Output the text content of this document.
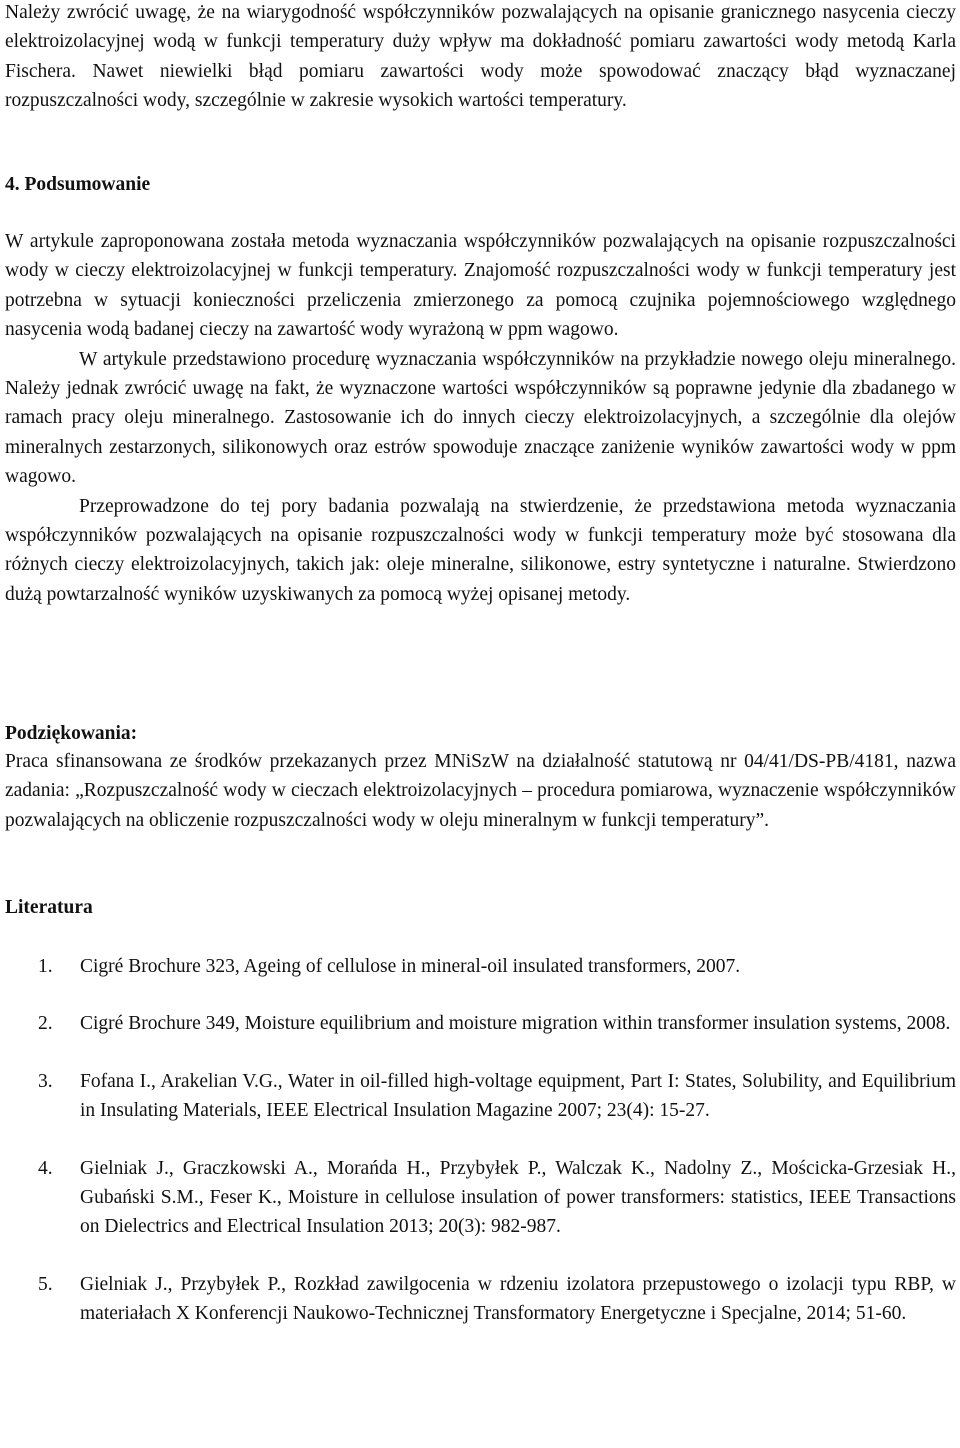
Należy zwrócić uwagę, że na wiarygodność współczynników pozwalających na opisanie granicznego nasycenia cieczy elektroizolacyjnej wodą w funkcji temperatury duży wpływ ma dokładność pomiaru zawartości wody metodą Karla Fischera. Nawet niewielki błąd pomiaru zawartości wody może spowodować znaczący błąd wyznaczanej rozpuszczalności wody, szczególnie w zakresie wysokich wartości temperatury.

4. Podsumowanie

W artykule zaproponowana została metoda wyznaczania współczynników pozwalających na opisanie rozpuszczalności wody w cieczy elektroizolacyjnej w funkcji temperatury. Znajomość rozpuszczalności wody w funkcji temperatury jest potrzebna w sytuacji konieczności przeliczenia zmierzonego za pomocą czujnika pojemnościowego względnego nasycenia wodą badanej cieczy na zawartość wody wyrażoną w ppm wagowo.

W artykule przedstawiono procedurę wyznaczania współczynników na przykładzie nowego oleju mineralnego. Należy jednak zwrócić uwagę na fakt, że wyznaczone wartości współczynników są poprawne jedynie dla zbadanego w ramach pracy oleju mineralnego. Zastosowanie ich do innych cieczy elektroizolacyjnych, a szczególnie dla olejów mineralnych zestarzonych, silikonowych oraz estrów spowoduje znaczące zaniżenie wyników zawartości wody w ppm wagowo.

Przeprowadzone do tej pory badania pozwalają na stwierdzenie, że przedstawiona metoda wyznaczania współczynników pozwalających na opisanie rozpuszczalności wody w funkcji temperatury może być stosowana dla różnych cieczy elektroizolacyjnych, takich jak: oleje mineralne, silikonowe, estry syntetyczne i naturalne. Stwierdzono dużą powtarzalność wyników uzyskiwanych za pomocą wyżej opisanej metody.

Podziękowania:

Praca sfinansowana ze środków przekazanych przez MNiSzW na działalność statutową nr 04/41/DS-PB/4181, nazwa zadania: „Rozpuszczalność wody w cieczach elektroizolacyjnych – procedura pomiarowa, wyznaczenie współczynników pozwalających na obliczenie rozpuszczalności wody w oleju mineralnym w funkcji temperatury”.

Literatura
1. Cigré Brochure 323, Ageing of cellulose in mineral-oil insulated transformers, 2007.
2. Cigré Brochure 349, Moisture equilibrium and moisture migration within transformer insulation systems, 2008.
3. Fofana I., Arakelian V.G., Water in oil-filled high-voltage equipment, Part I: States, Solubility, and Equilibrium in Insulating Materials, IEEE Electrical Insulation Magazine 2007; 23(4): 15-27.
4. Gielniak J., Graczkowski A., Morańda H., Przybyłek P., Walczak K., Nadolny Z., Mościcka-Grzesiak H., Gubański S.M., Feser K., Moisture in cellulose insulation of power transformers: statistics, IEEE Transactions on Dielectrics and Electrical Insulation 2013; 20(3): 982-987.
5. Gielniak J., Przybyłek P., Rozkład zawilgocenia w rdzeniu izolatora przepustowego o izolacji typu RBP, w materiałach X Konferencji Naukowo-Technicznej Transformatory Energetyczne i Specjalne, 2014; 51-60.
